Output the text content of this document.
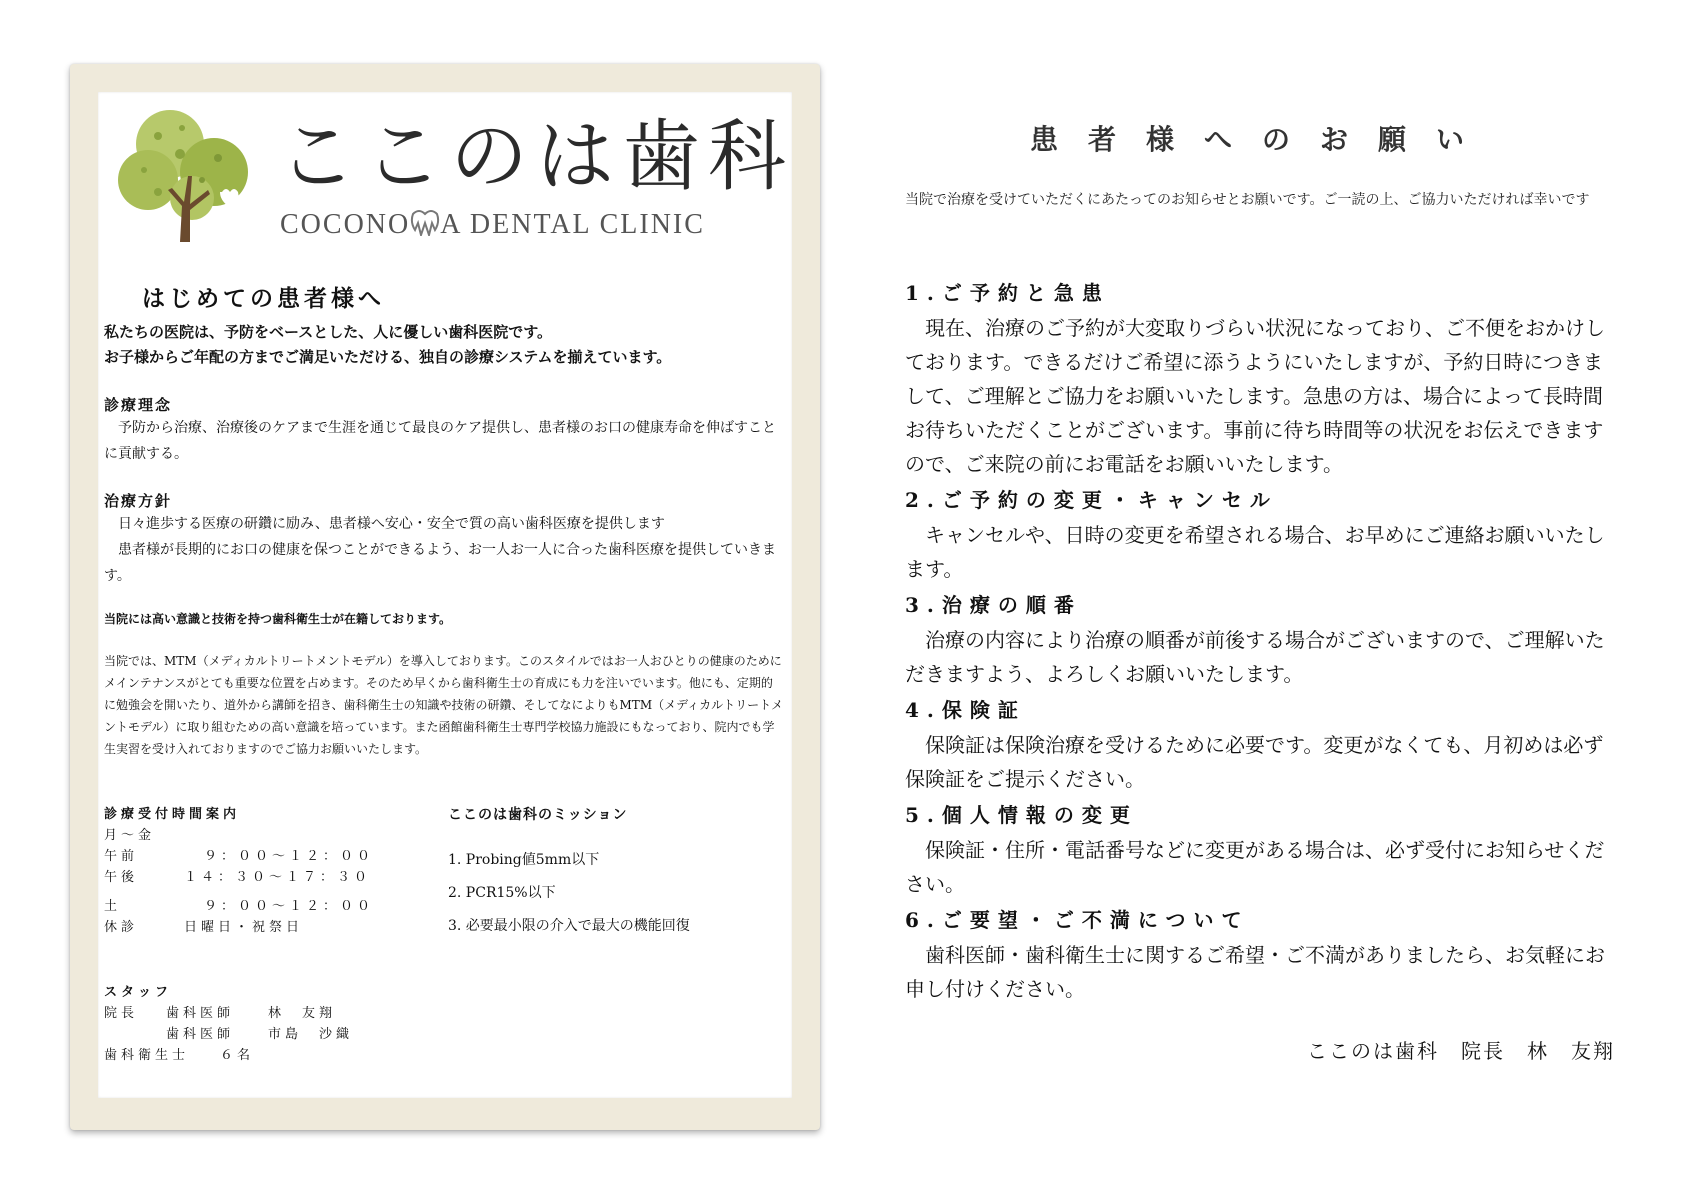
ここのは歯科
COCONO A DENTAL CLINIC
はじめての患者様へ
私たちの医院は、予防をベースとした、人に優しい歯科医院です。
お子様からご年配の方までご満足いただける、独自の診療システムを揃えています。
診療理念
予防から治療、治療後のケアまで生涯を通じて最良のケア提供し、患者様のお口の健康寿命を伸ばすことに貢献する。
治療方針
日々進歩する医療の研鑽に励み、患者様へ安心・安全で質の高い歯科医療を提供します
患者様が長期的にお口の健康を保つことができるよう、お一人お一人に合った歯科医療を提供していきます。
当院には高い意識と技術を持つ歯科衛生士が在籍しております。
当院では、MTM（メディカルトリートメントモデル）を導入しております。このスタイルではお一人おひとりの健康のためにメインテナンスがとても重要な位置を占めます。そのため早くから歯科衛生士の育成にも力を注いでいます。他にも、定期的に勉強会を開いたり、道外から講師を招き、歯科衛生士の知識や技術の研鑽、そしてなによりもMTM（メディカルトリートメントモデル）に取り組むための高い意識を培っています。また函館歯科衛生士専門学校協力施設にもなっており、院内でも学生実習を受け入れておりますのでご協力お願いいたします。
診療受付時間案内
月〜金
午前	９：００〜１２：００
午後	１４：３０〜１７：３０
土	９：００〜１２：００
休診	日曜日・祝祭日
ここのは歯科のミッション
1. Probing値5mm以下
2. PCR15%以下
3. 必要最小限の介入で最大の機能回復
スタッフ
院長	歯科医師	林　友翔
歯科医師	市島　沙織
歯科衛生士	６名
患者様へのお願い
当院で治療を受けていただくにあたってのお知らせとお願いです。ご一読の上、ご協力いただければ幸いです
1.ご予約と急患
　現在、治療のご予約が大変取りづらい状況になっており、ご不便をおかけしております。できるだけご希望に添うようにいたしますが、予約日時につきまして、ご理解とご協力をお願いいたします。急患の方は、場合によって長時間お待ちいただくことがございます。事前に待ち時間等の状況をお伝えできますので、ご来院の前にお電話をお願いいたします。
2.ご予約の変更・キャンセル
　キャンセルや、日時の変更を希望される場合、お早めにご連絡お願いいたします。
3.治療の順番
　治療の内容により治療の順番が前後する場合がございますので、ご理解いただきますよう、よろしくお願いいたします。
4.保険証
　保険証は保険治療を受けるために必要です。変更がなくても、月初めは必ず保険証をご提示ください。
5.個人情報の変更
　保険証・住所・電話番号などに変更がある場合は、必ず受付にお知らせください。
6.ご要望・ご不満について
　歯科医師・歯科衛生士に関するご希望・ご不満がありましたら、お気軽にお申し付けください。
ここのは歯科　院長　林　友翔
